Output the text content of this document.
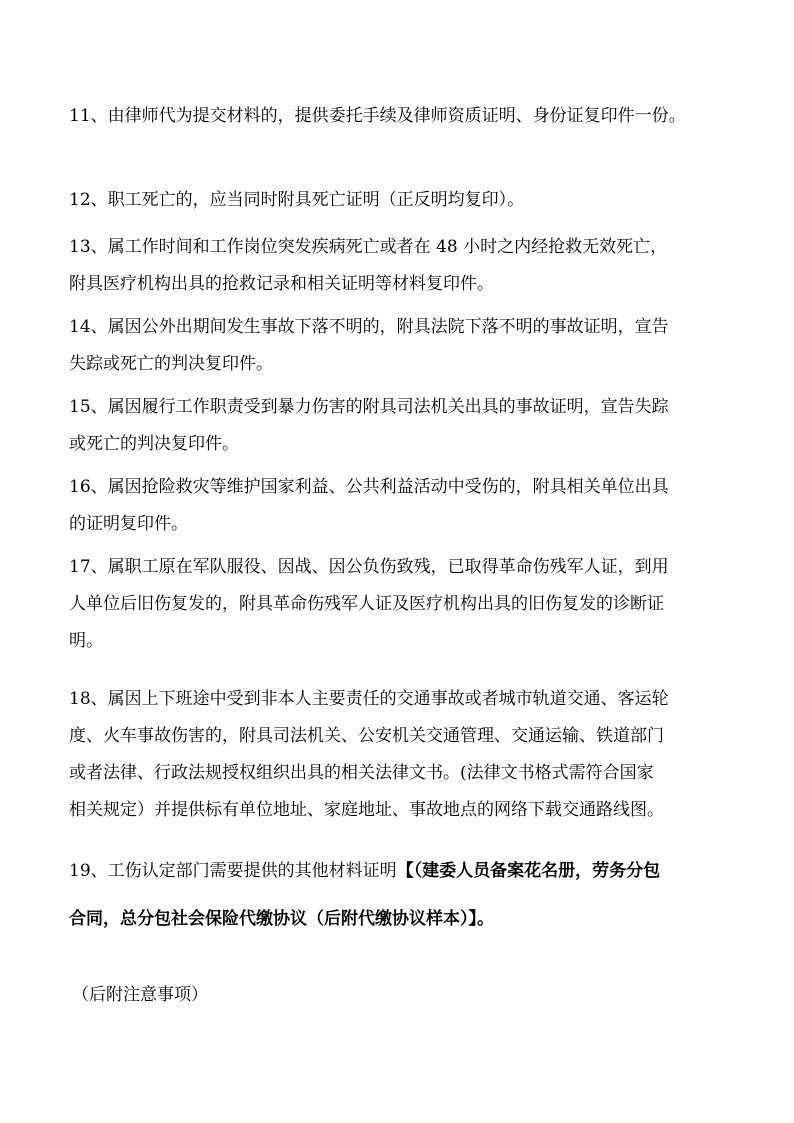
11、由律师代为提交材料的，提供委托手续及律师资质证明、身份证复印件一份。

12、职工死亡的，应当同时附具死亡证明（正反明均复印）。

13、属工作时间和工作岗位突发疾病死亡或者在 48 小时之内经抢救无效死亡，
附具医疗机构出具的抢救记录和相关证明等材料复印件。

14、属因公外出期间发生事故下落不明的，附具法院下落不明的事故证明，宣告
失踪或死亡的判决复印件。

15、属因履行工作职责受到暴力伤害的附具司法机关出具的事故证明，宣告失踪
或死亡的判决复印件。

16、属因抢险救灾等维护国家利益、公共利益活动中受伤的，附具相关单位出具
的证明复印件。

17、属职工原在军队服役、因战、因公负伤致残，已取得革命伤残军人证，到用
人单位后旧伤复发的，附具革命伤残军人证及医疗机构出具的旧伤复发的诊断证
明。

18、属因上下班途中受到非本人主要责任的交通事故或者城市轨道交通、客运轮
度、火车事故伤害的，附具司法机关、公安机关交通管理、交通运输、铁道部门
或者法律、行政法规授权组织出具的相关法律文书。(法律文书格式需符合国家
相关规定）并提供标有单位地址、家庭地址、事故地点的网络下载交通路线图。

19、工伤认定部门需要提供的其他材料证明【（建委人员备案花名册，劳务分包
合同，总分包社会保险代缴协议（后附代缴协议样本）】。

（后附注意事项）
